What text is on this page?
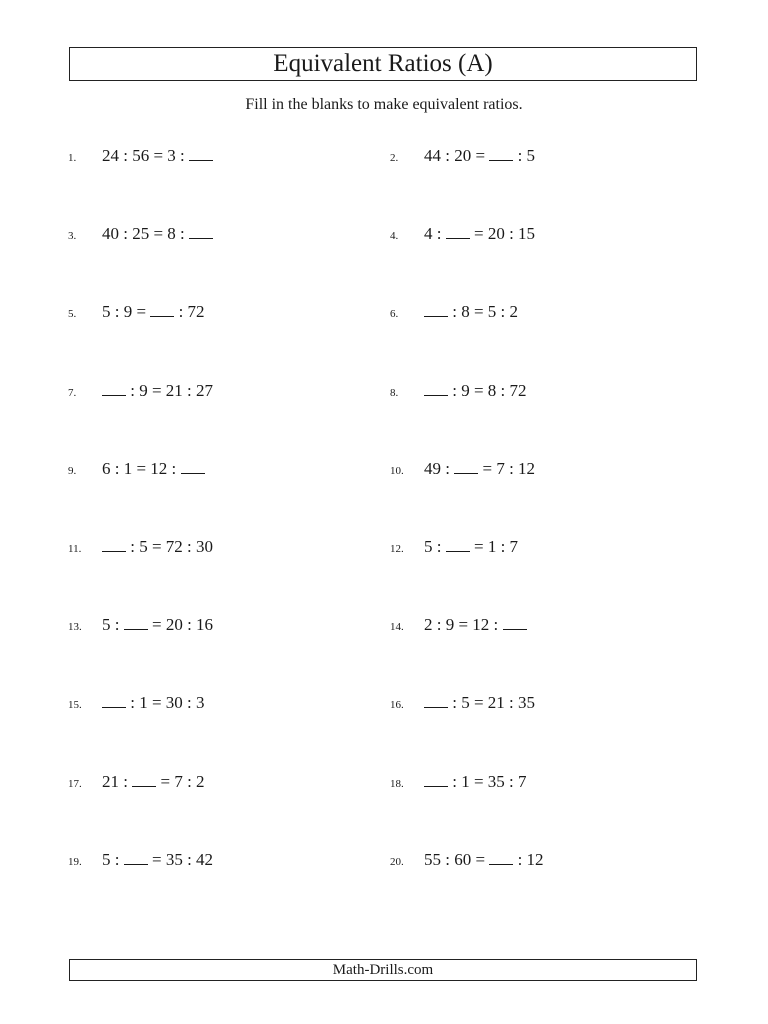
Equivalent Ratios (A)
Fill in the blanks to make equivalent ratios.
1.	24 : 56 = 3 :	2.	44 : 20 =  : 5
3.	40 : 25 = 8 :	4.	4 :  = 20 : 15
5.	5 : 9 =  : 72	6.	: 8 = 5 : 2
7.	: 9 = 21 : 27	8.	: 9 = 8 : 72
9.	6 : 1 = 12 :	10.	49 :  = 7 : 12
11.	: 5 = 72 : 30	12.	5 :  = 1 : 7
13.	5 :  = 20 : 16	14.	2 : 9 = 12 :
15.	: 1 = 30 : 3	16.	: 5 = 21 : 35
17.	21 :  = 7 : 2	18.	: 1 = 35 : 7
19.	5 :  = 35 : 42	20.	55 : 60 =  : 12
Math-Drills.com
